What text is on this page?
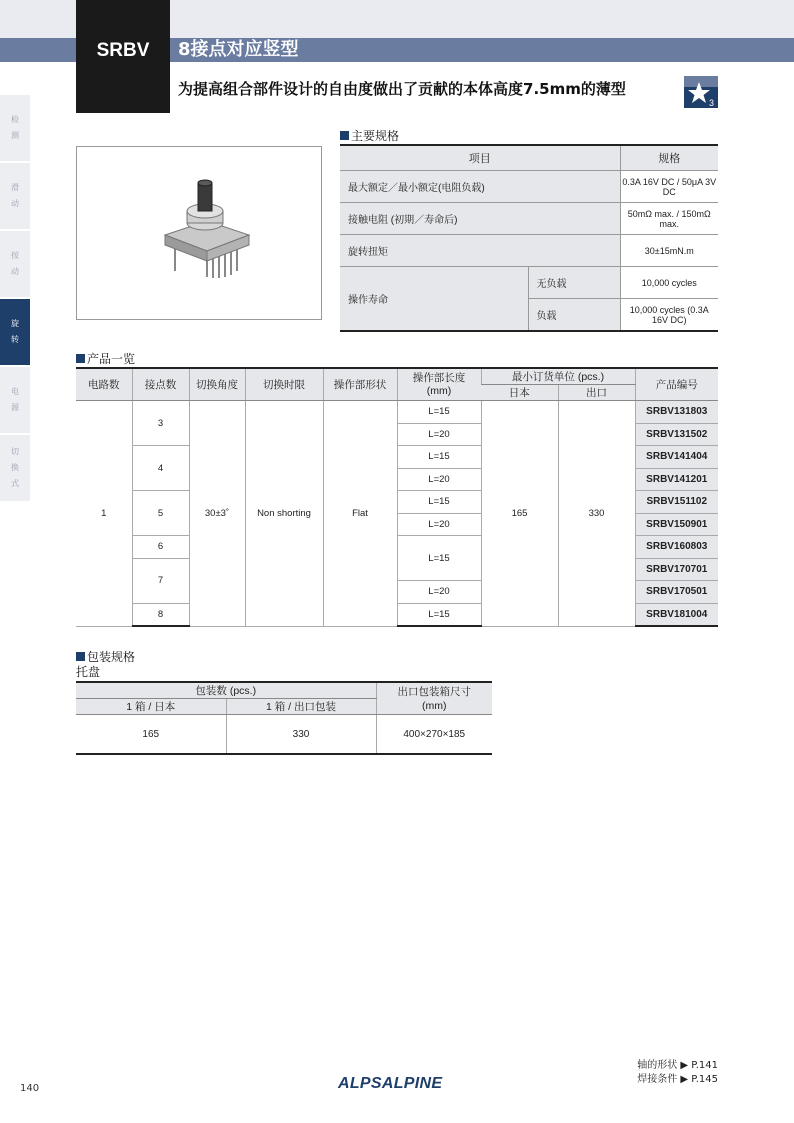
SRBV	8接点对应竖型
为提高组合部件设计的自由度做出了贡献的本体高度7.5mm的薄型
3
检
测
滑
动
按
动
旋
转
电
源
切
换
式
主要规格
项目		规格
最大额定／最小额定(电阻负载)		0.3A 16V DC / 50μA 3V DC
接触电阻 (初期／寿命后)		50mΩ max. / 150mΩ max.
旋转扭矩		30±15mN.m
操作寿命	无负载	10,000 cycles
	负载	10,000 cycles (0.3A 16V DC)
产品一览
电路数	接点数	切换角度	切换时限	操作部形状	操作部长度
(mm)	最小订货单位 (pcs.)		产品编号
						日本	出口	
1	3	30±3˚	Non shorting	Flat	L=15	165	330	SRBV131803
					L=20			SRBV131502
	4				L=15			SRBV141404
					L=20			SRBV141201
	5				L=15			SRBV151102
					L=20			SRBV150901
	6				L=15			SRBV160803
	7							SRBV170701
					L=20			SRBV170501
	8				L=15			SRBV181004
包装规格
托盘
包装数 (pcs.)		出口包装箱尺寸
(mm)
1 箱 / 日本	1 箱 / 出口包装	
165	330	400×270×185
轴的形状 ▶ P.141
焊接条件 ▶ P.145
140	ALPSALPINE
